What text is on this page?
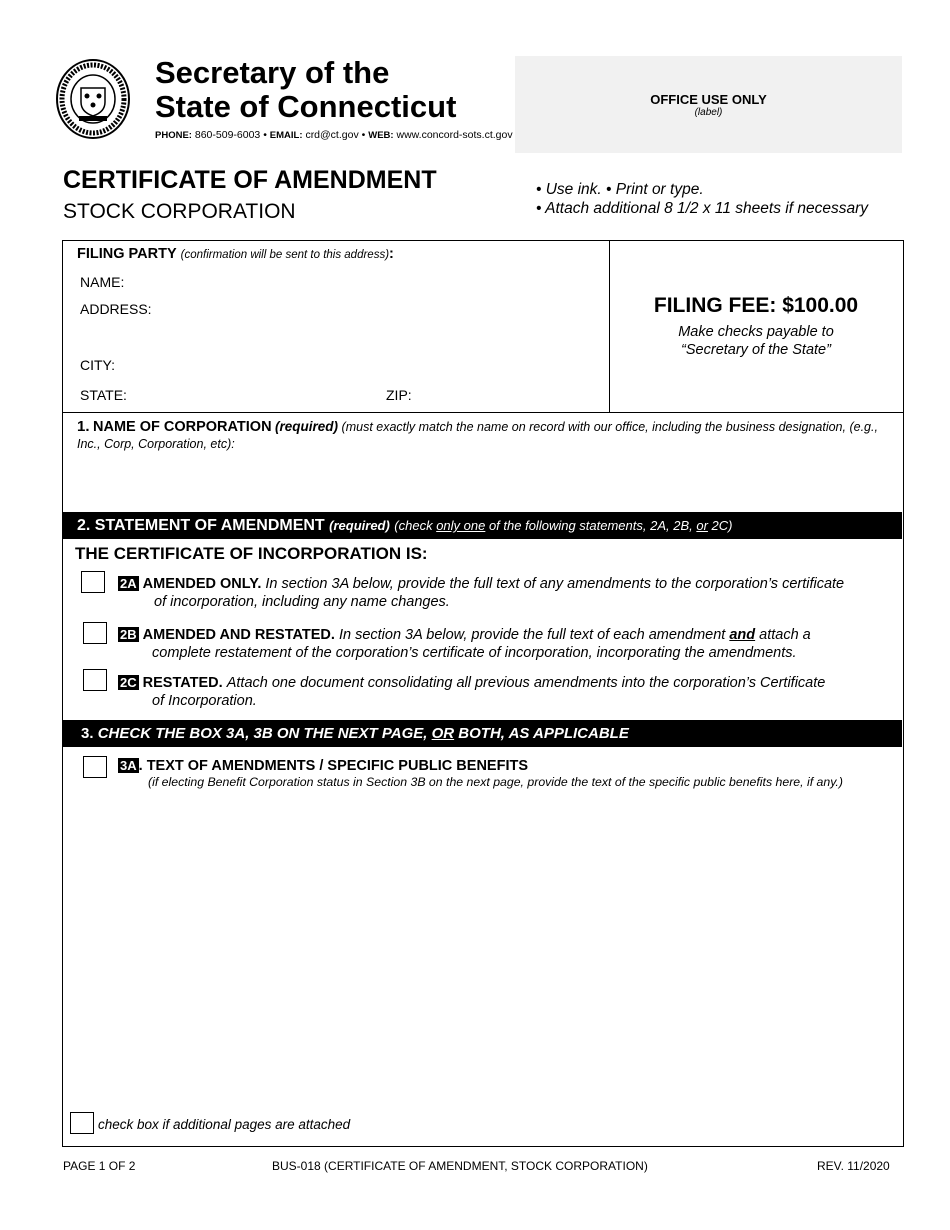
Secretary of the
State of Connecticut
PHONE: 860-509-6003 • EMAIL: crd@ct.gov • WEB: www.concord-sots.ct.gov
OFFICE USE ONLY
(label)
CERTIFICATE OF AMENDMENT
STOCK CORPORATION
• Use ink. • Print or type.
• Attach additional 8 1/2 x 11 sheets if necessary
FILING PARTY (confirmation will be sent to this address):
NAME:
ADDRESS:
CITY:
STATE:	ZIP:
FILING FEE: $100.00
Make checks payable to
“Secretary of the State”
1. NAME OF CORPORATION (required) (must exactly match the name on record with our office, including the business designation, (e.g., Inc., Corp, Corporation, etc):
2. STATEMENT OF AMENDMENT (required) (check only one of the following statements, 2A, 2B, or 2C)
THE CERTIFICATE OF INCORPORATION IS:
2A AMENDED ONLY. In section 3A below, provide the full text of any amendments to the corporation’s certificate
of incorporation, including any name changes.
2B AMENDED AND RESTATED. In section 3A below, provide the full text of each amendment and attach a
complete restatement of the corporation’s certificate of incorporation, incorporating the amendments.
2C RESTATED. Attach one document consolidating all previous amendments into the corporation’s Certificate
of Incorporation.
3. CHECK THE BOX 3A, 3B ON THE NEXT PAGE, OR BOTH, AS APPLICABLE
3A . TEXT OF AMENDMENTS / SPECIFIC PUBLIC BENEFITS
(if electing Benefit Corporation status in Section 3B on the next page, provide the text of the specific public benefits here, if any.)
check box if additional pages are attached
PAGE 1 OF 2	BUS-018 (CERTIFICATE OF AMENDMENT, STOCK CORPORATION)	REV. 11/2020
